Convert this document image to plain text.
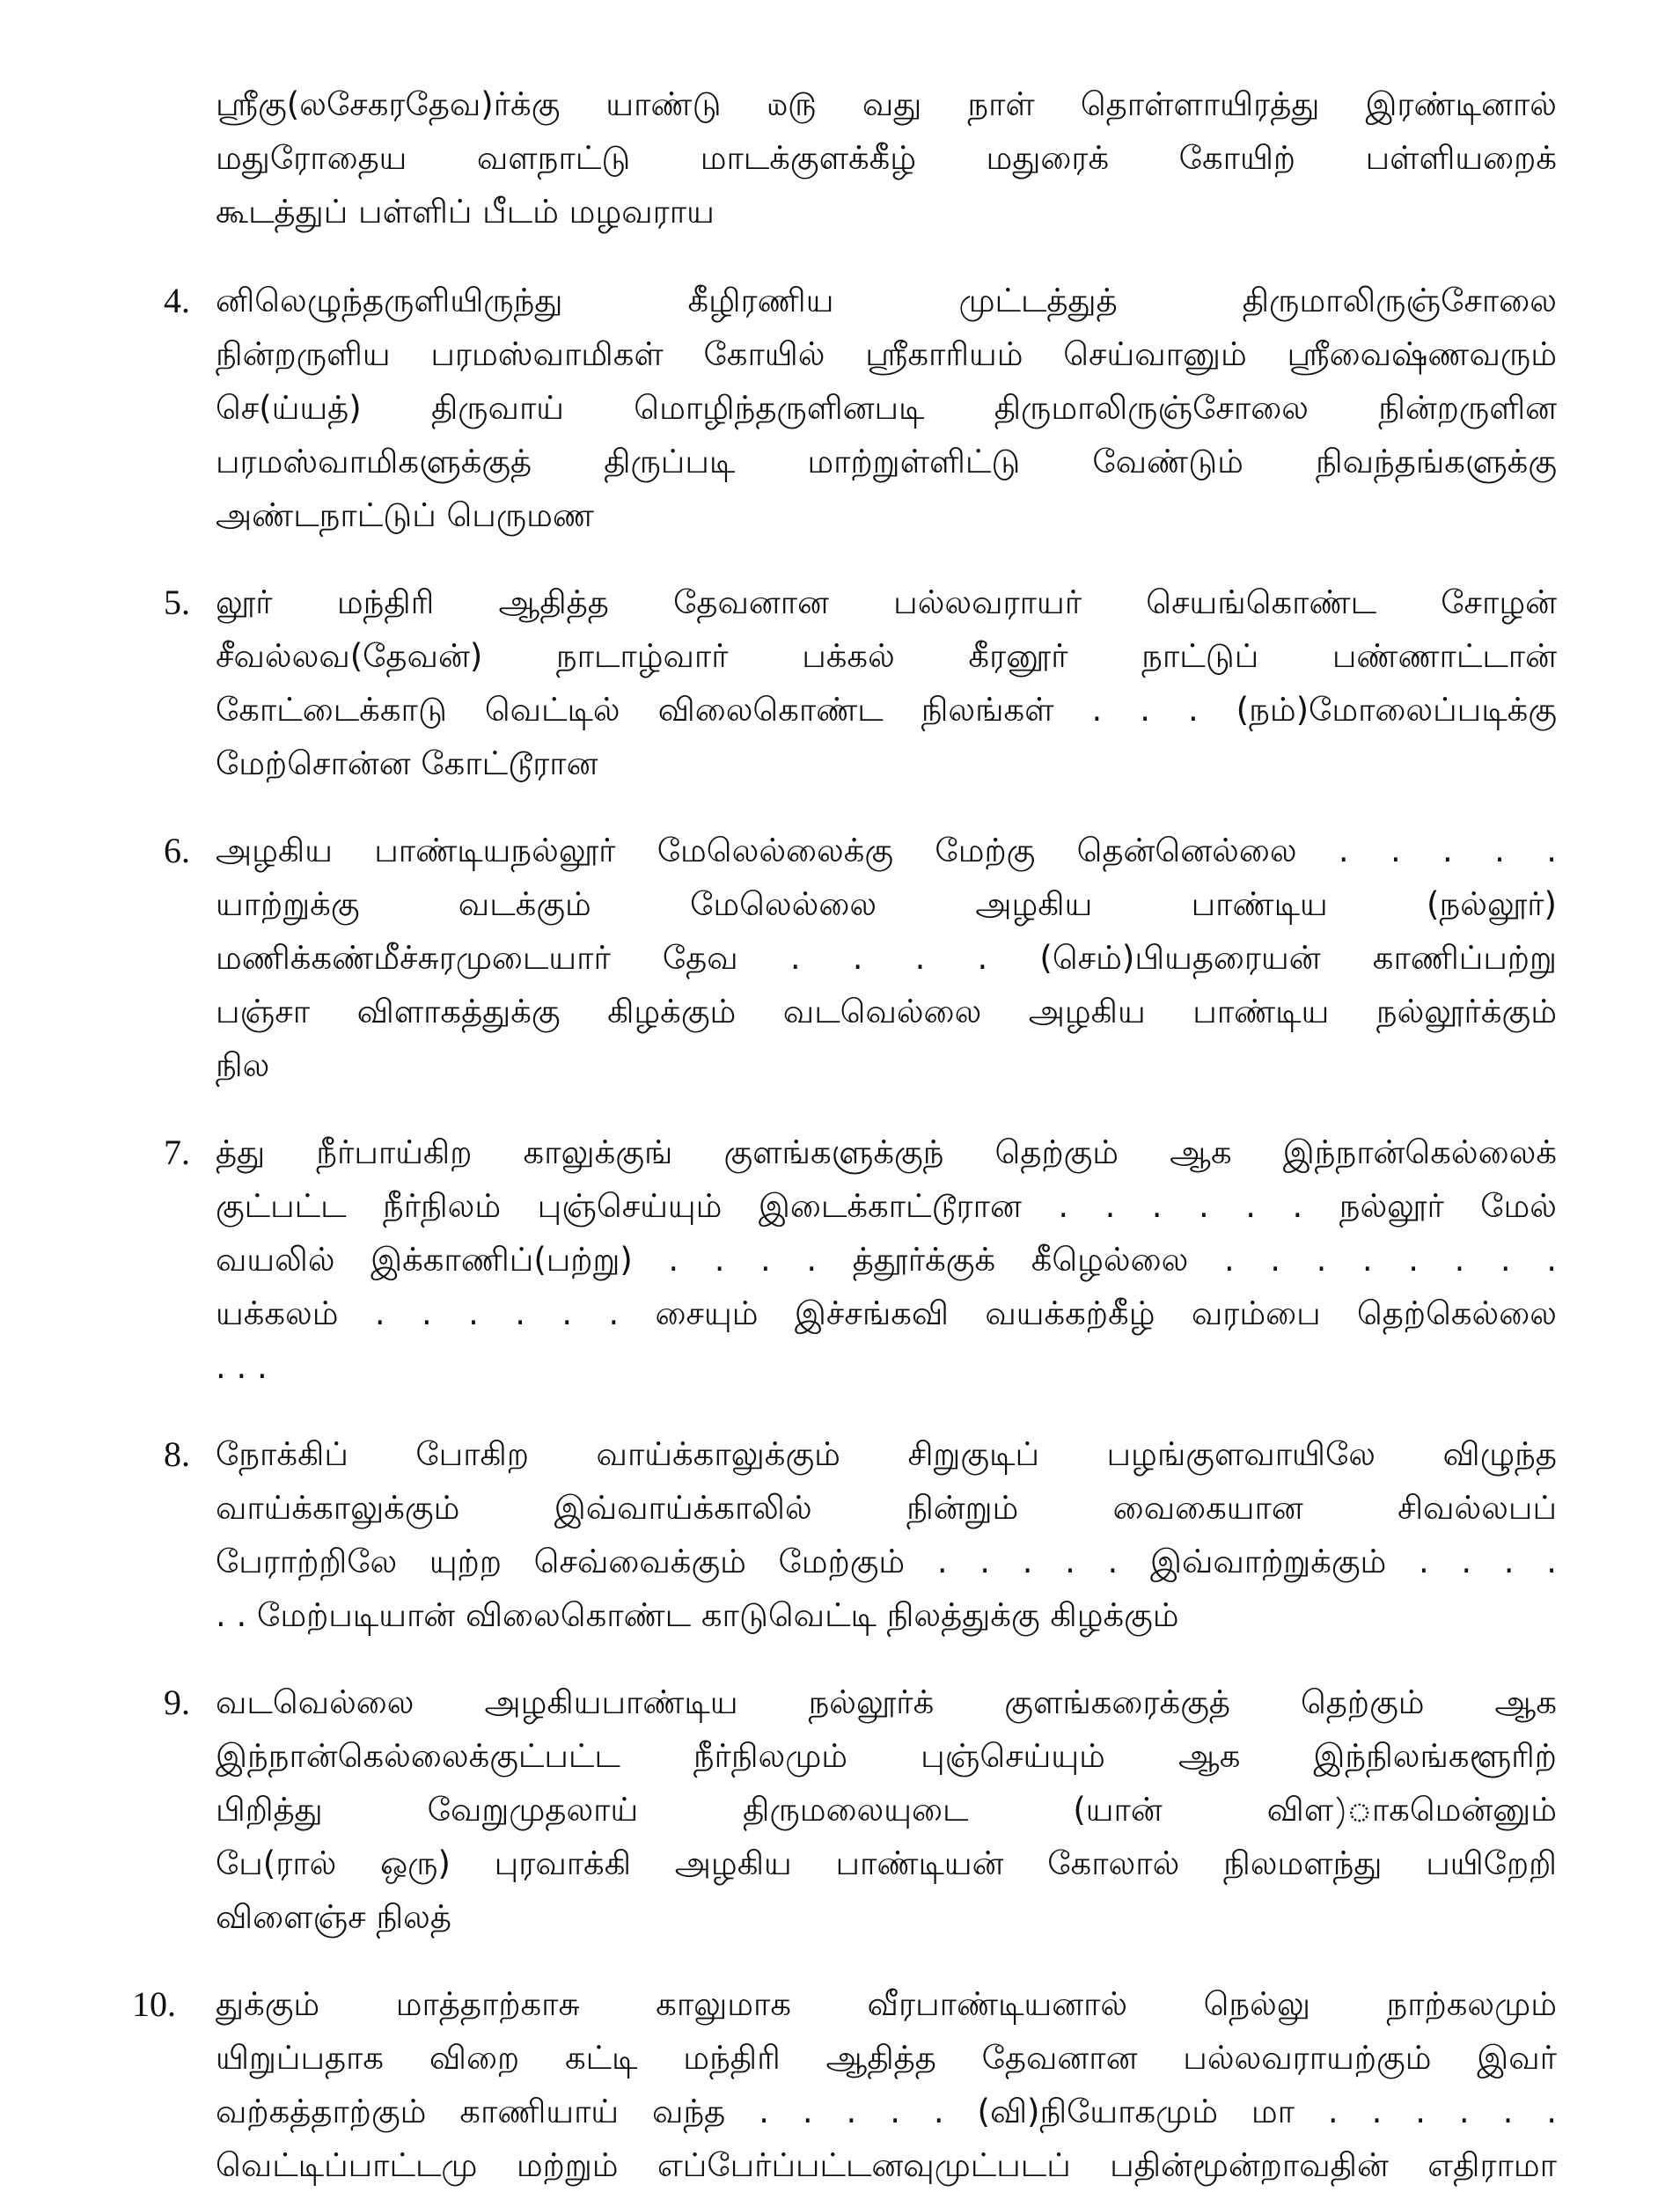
ஸ்ரீகு(லசேகரதேவ)ர்க்கு யாண்டு ௰௫ வது நாள் தொள்ளாயிரத்து இரண்டினால்
மதுரோதைய வளநாட்டு மாடக்குளக்கீழ் மதுரைக் கோயிற் பள்ளியறைக்
கூடத்துப் பள்ளிப் பீடம் மழவராய
4. னிலெழுந்தருளியிருந்து கீழிரணிய முட்டத்துத் திருமாலிருஞ்சோலை
நின்றருளிய பரமஸ்வாமிகள் கோயில் ஸ்ரீகாரியம் செய்வானும் ஸ்ரீவைஷ்ணவரும்
செ(ய்யத்) திருவாய் மொழிந்தருளினபடி திருமாலிருஞ்சோலை நின்றருளின
பரமஸ்வாமிகளுக்குத் திருப்படி மாற்றுள்ளிட்டு வேண்டும் நிவந்தங்களுக்கு
அண்டநாட்டுப் பெருமண
5. லூர் மந்திரி ஆதித்த தேவனான பல்லவராயர் செயங்கொண்ட சோழன்
சீவல்லவ(தேவன்) நாடாழ்வார் பக்கல் கீரனூர் நாட்டுப் பண்ணாட்டான்
கோட்டைக்காடு வெட்டில் விலைகொண்ட நிலங்கள் . . . (நம்)மோலைப்படிக்கு
மேற்சொன்ன கோட்டூரான
6. அழகிய பாண்டியநல்லூர் மேலெல்லைக்கு மேற்கு தென்னெல்லை . . . . .
யாற்றுக்கு வடக்கும் மேலெல்லை அழகிய பாண்டிய (நல்லூர்)
மணிக்கண்மீச்சுரமுடையார் தேவ . . . . (செம்)பியதரையன் காணிப்பற்று
பஞ்சா விளாகத்துக்கு கிழக்கும் வடவெல்லை அழகிய பாண்டிய நல்லூர்க்கும்
நில
7. த்து நீர்பாய்கிற காலுக்குங் குளங்களுக்குந் தெற்கும் ஆக இந்நான்கெல்லைக்
குட்பட்ட நீர்நிலம் புஞ்செய்யும் இடைக்காட்டூரான . . . . . . நல்லூர் மேல்
வயலில் இக்காணிப்(பற்று) . . . . த்தூர்க்குக் கீழெல்லை . . . . . . . .
யக்கலம் . . . . . . சையும் இச்சங்கவி வயக்கற்கீழ் வரம்பை தெற்கெல்லை
. . .
8. நோக்கிப் போகிற வாய்க்காலுக்கும் சிறுகுடிப் பழங்குளவாயிலே விழுந்த
வாய்க்காலுக்கும் இவ்வாய்க்காலில் நின்றும் வைகையான சிவல்லபப்
பேராற்றிலே யுற்ற செவ்வைக்கும் மேற்கும் . . . . . இவ்வாற்றுக்கும் . . . .
. . மேற்படியான் விலைகொண்ட காடுவெட்டி நிலத்துக்கு கிழக்கும்
9. வடவெல்லை அழகியபாண்டிய நல்லூர்க் குளங்கரைக்குத் தெற்கும் ஆக
இந்நான்கெல்லைக்குட்பட்ட நீர்நிலமும் புஞ்செய்யும் ஆக இந்நிலங்களூரிற்
பிறித்து வேறுமுதலாய் திருமலையுடை (யான் விள)ாகமென்னும்
பே(ரால் ஒரு) புரவாக்கி அழகிய பாண்டியன் கோலால் நிலமளந்து பயிறேறி
விளைஞ்ச நிலத்
10.	துக்கும் மாத்தாற்காசு காலுமாக வீரபாண்டியனால் நெல்லு நாற்கலமும்
யிறுப்பதாக விறை கட்டி மந்திரி ஆதித்த தேவனான பல்லவராயற்கும் இவர்
வற்கத்தாற்கும் காணியாய் வந்த . . . . . (வி)நியோகமும் மா . . . . . .
வெட்டிப்பாட்டமு மற்றும் எப்பேர்ப்பட்டனவுமுட்படப் பதின்மூன்றாவதின் எதிராமா
